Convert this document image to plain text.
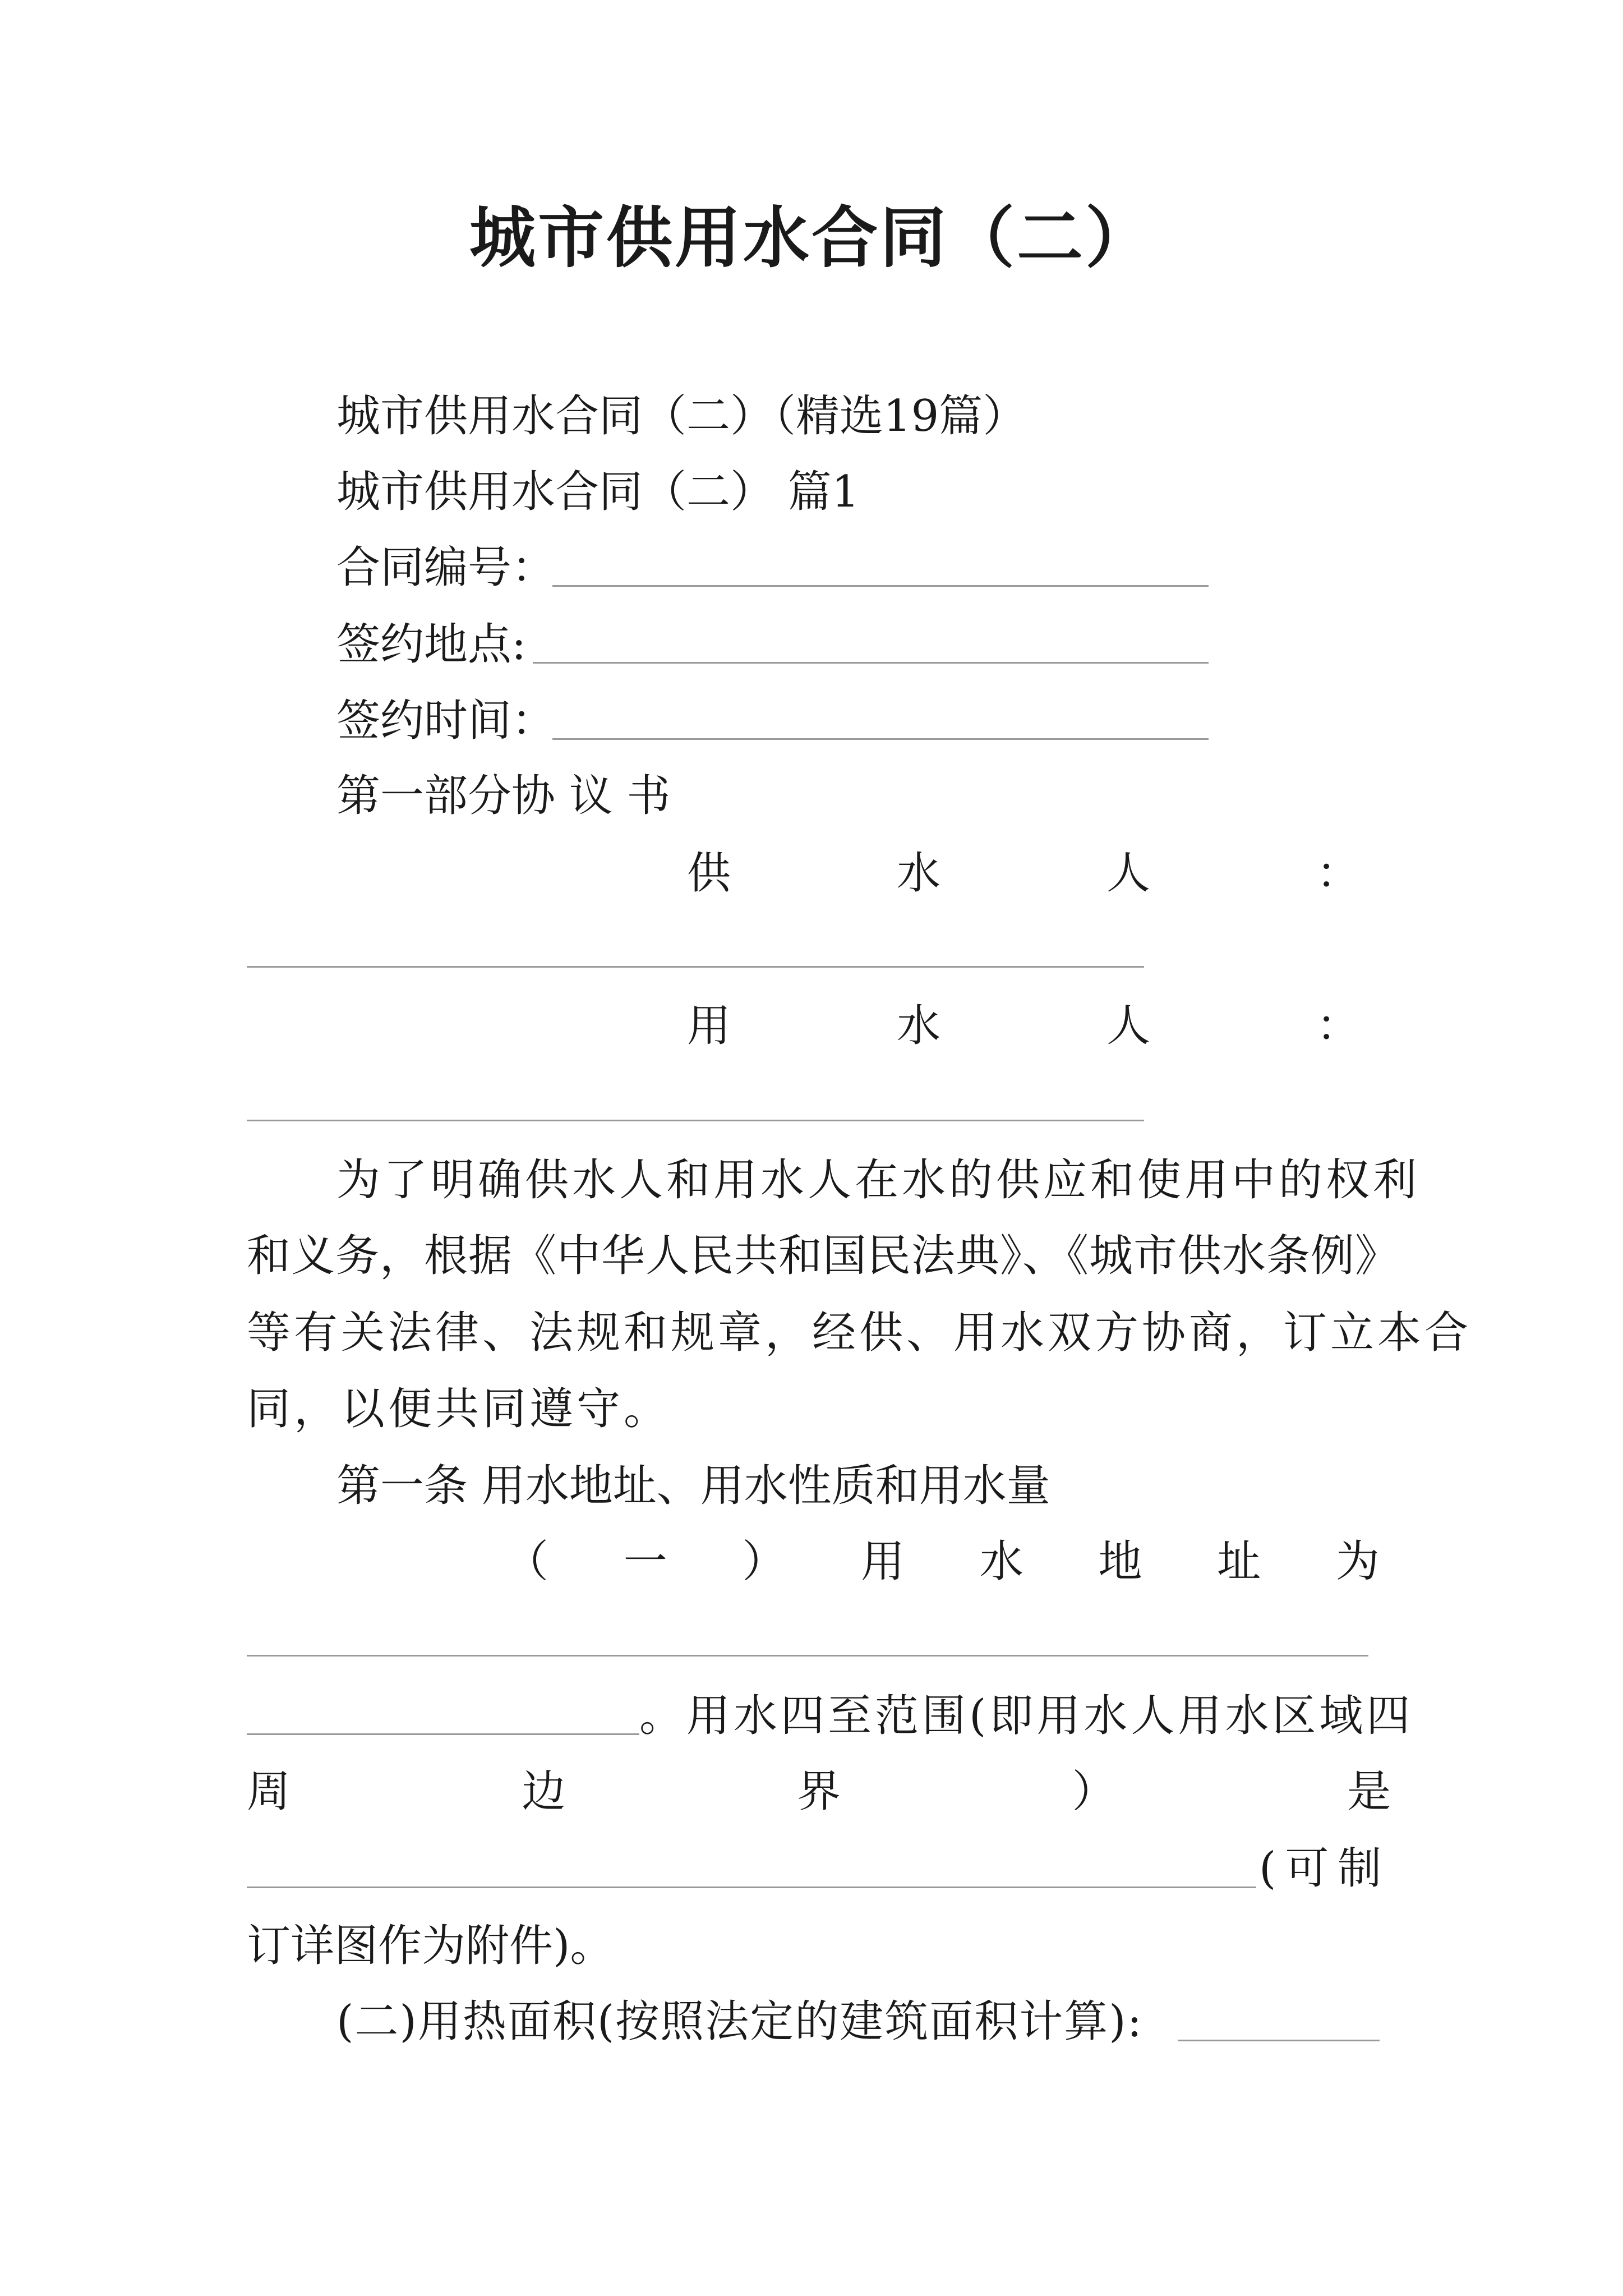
城市供用水合同（二）
城市供用水合同（二）（精选19篇）
城市供用水合同（二） 篇1
合同编号：
签约地点:
签约时间：
第一部分协 议 书
供	水	人	：
用	水	人	：
为了明确供水人和用水人在水的供应和使用中的权利
和义务，根据《中华人民共和国民法典》、《城市供水条例》
等有关法律、法规和规章，经供、用水双方协商，订立本合
同，以便共同遵守。
第一条 用水地址、用水性质和用水量
（ 一 ） 用 水 地 址 为
。用水四至范围(即用水人用水区域四
周	边	界	）	是
(可制
订详图作为附件)。
(二)用热面积(按照法定的建筑面积计算):
